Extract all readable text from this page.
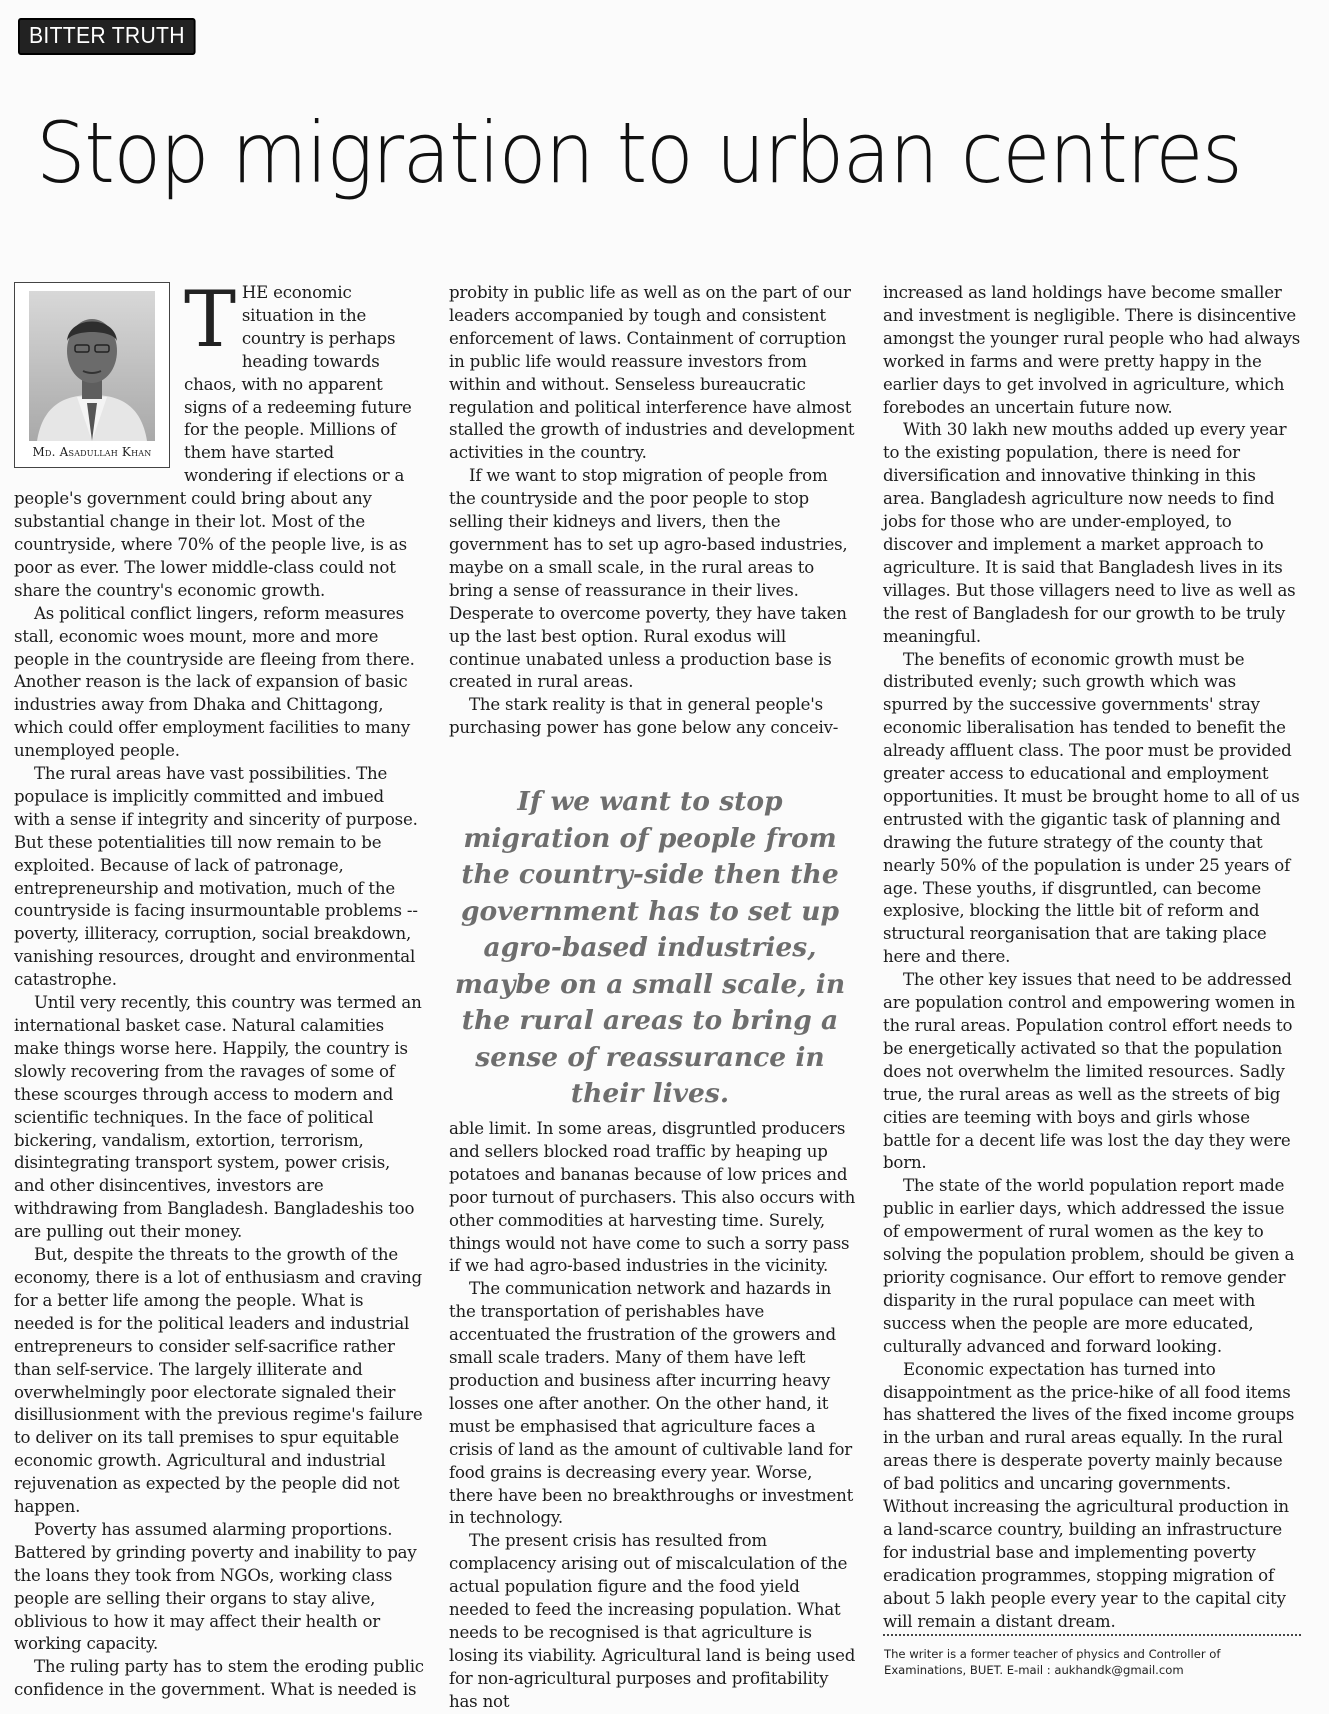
BITTER TRUTH
Stop migration to urban centres
Md. Asadullah Khan
T HE economic situation in the country is perhaps heading towards chaos, with no apparent signs of a redeeming future for the people. Millions of them have started wondering if elections or a people's government could bring about any substantial change in their lot. Most of the countryside, where 70% of the people live, is as poor as ever. The lower middle-class could not share the country's economic growth.

As political conflict lingers, reform measures stall, economic woes mount, more and more people in the countryside are fleeing from there. Another reason is the lack of expansion of basic industries away from Dhaka and Chittagong, which could offer employment facilities to many unemployed people.

The rural areas have vast possibilities. The populace is implicitly committed and imbued with a sense if integrity and sincerity of purpose. But these potentialities till now remain to be exploited. Because of lack of patronage, entrepreneurship and motivation, much of the countryside is facing insurmountable problems -- poverty, illiteracy, corruption, social breakdown, vanishing resources, drought and environmental catastrophe.

Until very recently, this country was termed an international basket case. Natural calamities make things worse here. Happily, the country is slowly recovering from the ravages of some of these scourges through access to modern and scientific techniques. In the face of political bickering, vandalism, extortion, terrorism, disintegrating transport system, power crisis, and other disincentives, investors are withdrawing from Bangladesh. Bangladeshis too are pulling out their money.

But, despite the threats to the growth of the economy, there is a lot of enthusiasm and craving for a better life among the people. What is needed is for the political leaders and industrial entrepreneurs to consider self-sacrifice rather than self-service. The largely illiterate and overwhelmingly poor electorate signaled their disillusionment with the previous regime's failure to deliver on its tall premises to spur equitable economic growth. Agricultural and industrial rejuvenation as expected by the people did not happen.

Poverty has assumed alarming proportions. Battered by grinding poverty and inability to pay the loans they took from NGOs, working class people are selling their organs to stay alive, oblivious to how it may affect their health or working capacity.

The ruling party has to stem the eroding public confidence in the government. What is needed is

probity in public life as well as on the part of our leaders accompanied by tough and consistent enforcement of laws. Containment of corruption in public life would reassure investors from within and without. Senseless bureaucratic regulation and political interference have almost stalled the growth of industries and development activities in the country.

If we want to stop migration of people from the countryside and the poor people to stop selling their kidneys and livers, then the government has to set up agro-based industries, maybe on a small scale, in the rural areas to bring a sense of reassurance in their lives. Desperate to overcome poverty, they have taken up the last best option. Rural exodus will continue unabated unless a production base is created in rural areas.

The stark reality is that in general people's purchasing power has gone below any conceiv-

If we want to stop migration of people from the country-side then the government has to set up agro-based industries, maybe on a small scale, in the rural areas to bring a sense of reassurance in their lives.

able limit. In some areas, disgruntled producers and sellers blocked road traffic by heaping up potatoes and bananas because of low prices and poor turnout of purchasers. This also occurs with other commodities at harvesting time. Surely, things would not have come to such a sorry pass if we had agro-based industries in the vicinity.

The communication network and hazards in the transportation of perishables have accentuated the frustration of the growers and small scale traders. Many of them have left production and business after incurring heavy losses one after another. On the other hand, it must be emphasised that agriculture faces a crisis of land as the amount of cultivable land for food grains is decreasing every year. Worse, there have been no breakthroughs or investment in technology.

The present crisis has resulted from complacency arising out of miscalculation of the actual population figure and the food yield needed to feed the increasing population. What needs to be recognised is that agriculture is losing its viability. Agricultural land is being used for non-agricultural purposes and profitability has not

increased as land holdings have become smaller and investment is negligible. There is disincentive amongst the younger rural people who had always worked in farms and were pretty happy in the earlier days to get involved in agriculture, which forebodes an uncertain future now.

With 30 lakh new mouths added up every year to the existing population, there is need for diversification and innovative thinking in this area. Bangladesh agriculture now needs to find jobs for those who are under-employed, to discover and implement a market approach to agriculture. It is said that Bangladesh lives in its villages. But those villagers need to live as well as the rest of Bangladesh for our growth to be truly meaningful.

The benefits of economic growth must be distributed evenly; such growth which was spurred by the successive governments' stray economic liberalisation has tended to benefit the already affluent class. The poor must be provided greater access to educational and employment opportunities. It must be brought home to all of us entrusted with the gigantic task of planning and drawing the future strategy of the county that nearly 50% of the population is under 25 years of age. These youths, if disgruntled, can become explosive, blocking the little bit of reform and structural reorganisation that are taking place here and there.

The other key issues that need to be addressed are population control and empowering women in the rural areas. Population control effort needs to be energetically activated so that the population does not overwhelm the limited resources. Sadly true, the rural areas as well as the streets of big cities are teeming with boys and girls whose battle for a decent life was lost the day they were born.

The state of the world population report made public in earlier days, which addressed the issue of empowerment of rural women as the key to solving the population problem, should be given a priority cognisance. Our effort to remove gender disparity in the rural populace can meet with success when the people are more educated, culturally advanced and forward looking.

Economic expectation has turned into disappointment as the price-hike of all food items has shattered the lives of the fixed income groups in the urban and rural areas equally. In the rural areas there is desperate poverty mainly because of bad politics and uncaring governments. Without increasing the agricultural production in a land-scarce country, building an infrastructure for industrial base and implementing poverty eradication programmes, stopping migration of about 5 lakh people every year to the capital city will remain a distant dream.

The writer is a former teacher of physics and Controller of Examinations, BUET. E-mail : aukhandk@gmail.com
